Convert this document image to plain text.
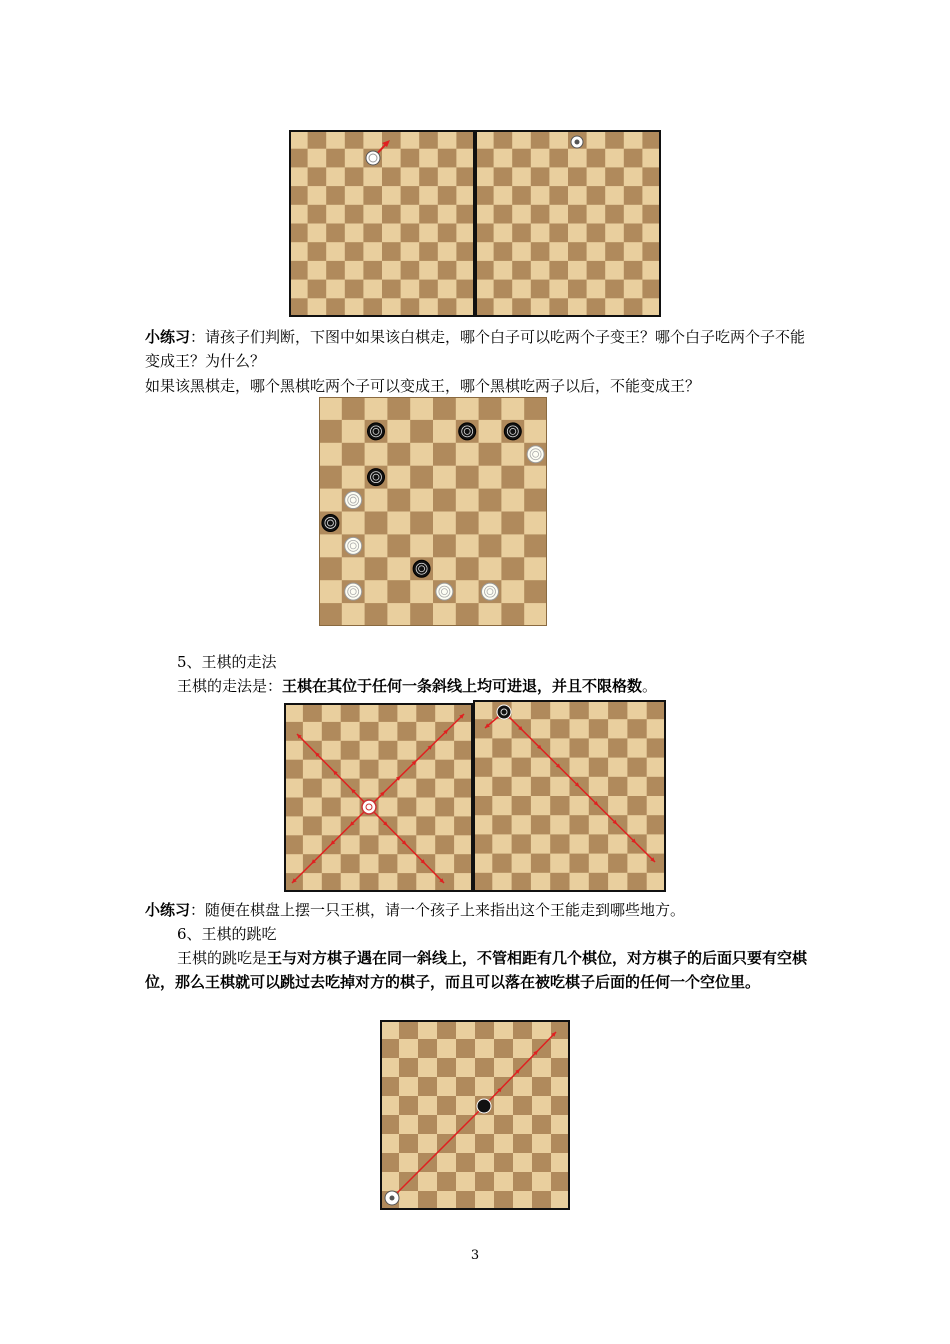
小练习：请孩子们判断，下图中如果该白棋走，哪个白子可以吃两个子变王？哪个白子吃两个子不能变成王？为什么？

如果该黑棋走，哪个黑棋吃两个子可以变成王，哪个黑棋吃两子以后，不能变成王？

5、王棋的走法

王棋的走法是：王棋在其位于任何一条斜线上均可进退，并且不限格数。

小练习：随便在棋盘上摆一只王棋，请一个孩子上来指出这个王能走到哪些地方。

6、王棋的跳吃

王棋的跳吃是王与对方棋子遇在同一斜线上，不管相距有几个棋位，对方棋子的后面只要有空棋位，那么王棋就可以跳过去吃掉对方的棋子，而且可以落在被吃棋子后面的任何一个空位里。

3
